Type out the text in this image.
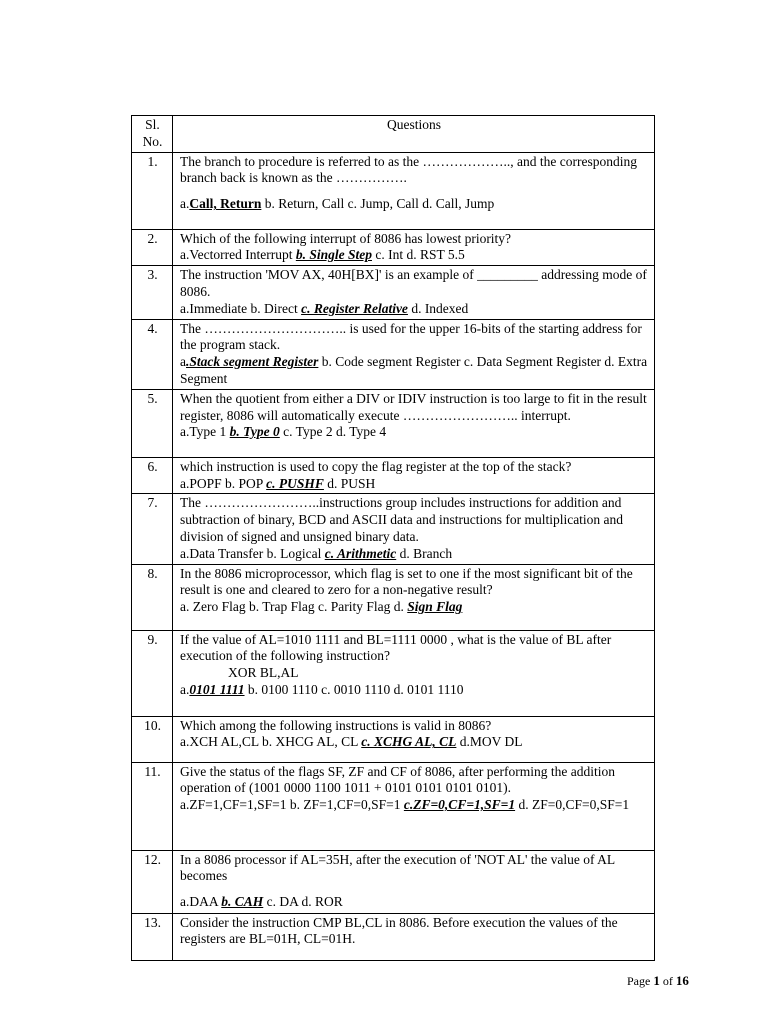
Sl. No.	Questions
1.	The branch to procedure is referred to as the ……………….., and the corresponding branch back is known as the …………….

a.Call, Return b. Return, Call c. Jump, Call d. Call, Jump

2.	Which of the following interrupt of 8086 has lowest priority?

a.Vectorred Interrupt b. Single Step c. Int d. RST 5.5

3.	The instruction 'MOV AX, 40H[BX]' is an example of _________ addressing mode of 8086.

a.Immediate b. Direct c. Register Relative d. Indexed

4.	The ………………………….. is used for the upper 16-bits of the starting address for the program stack.

a.Stack segment Register b. Code segment Register c. Data Segment Register d. Extra Segment

5.	When the quotient from either a DIV or IDIV instruction is too large to fit in the result register, 8086 will automatically execute …………………….. interrupt.

a.Type 1 b. Type 0 c. Type 2 d. Type 4

6.	which instruction is used to copy the flag register at the top of the stack?

a.POPF b. POP c. PUSHF d. PUSH

7.	The ……………………..instructions group includes instructions for addition and subtraction of binary, BCD and ASCII data and instructions for multiplication and division of signed and unsigned binary data.

a.Data Transfer b. Logical c. Arithmetic d. Branch

8.	In the 8086 microprocessor, which flag is set to one if the most significant bit of the result is one and cleared to zero for a non-negative result?

a. Zero Flag b. Trap Flag c. Parity Flag d. Sign Flag

9.	If the value of AL=1010 1111 and BL=1111 0000 , what is the value of BL after execution of the following instruction?

XOR BL,AL

a.0101 1111 b. 0100 1110 c. 0010 1110 d. 0101 1110

10.	Which among the following instructions is valid in 8086?

a.XCH AL,CL b. XHCG AL, CL c. XCHG AL, CL d.MOV DL

11.	Give the status of the flags SF, ZF and CF of 8086, after performing the addition operation of (1001 0000 1100 1011 + 0101 0101 0101 0101).

a.ZF=1,CF=1,SF=1 b. ZF=1,CF=0,SF=1 c.ZF=0,CF=1,SF=1 d. ZF=0,CF=0,SF=1

12.	In a 8086 processor if AL=35H, after the execution of 'NOT AL' the value of AL becomes

a.DAA b. CAH c. DA d. ROR

13.	Consider the instruction CMP BL,CL in 8086. Before execution the values of the registers are BL=01H, CL=01H.

Page 1 of 16
